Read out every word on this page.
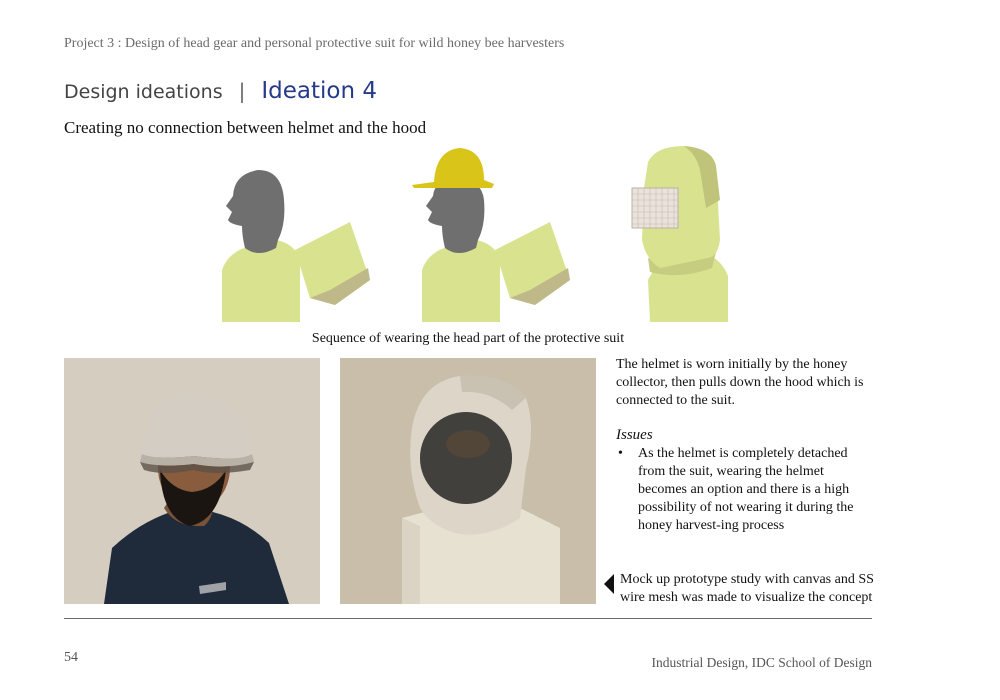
Project 3 : Design of head gear and personal protective suit for wild honey bee harvesters
Design ideations | Ideation 4
Creating no connection between helmet and the hood
Sequence of wearing the head part of the protective suit
The helmet is worn initially by the honey collector, then pulls down the hood which is connected to the suit.
Issues
•	As the helmet is completely detached from the suit, wearing the helmet becomes an option and there is a high possibility of not wearing it during the honey harvest-ing process
Mock up prototype study with canvas and SS wire mesh was made to visualize the concept
54	Industrial Design, IDC School of Design
